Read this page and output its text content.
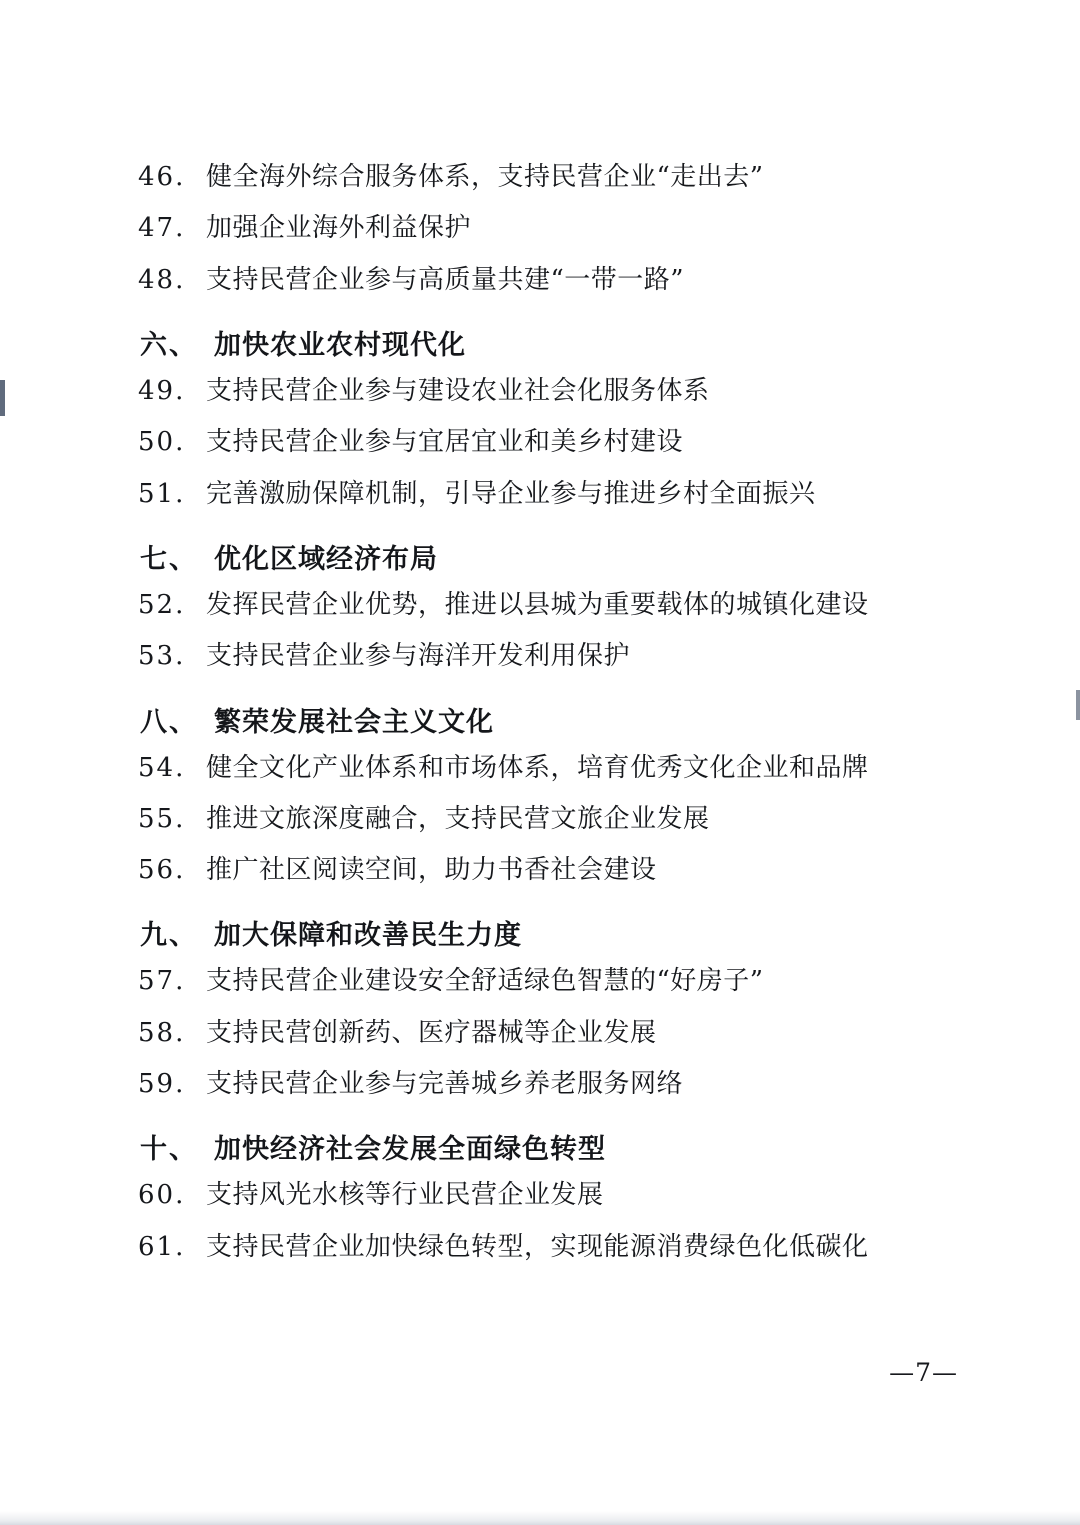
46. 健全海外综合服务体系，支持民营企业“走出去”
47. 加强企业海外利益保护
48. 支持民营企业参与高质量共建“一带一路”
六、 加快农业农村现代化
49. 支持民营企业参与建设农业社会化服务体系
50. 支持民营企业参与宜居宜业和美乡村建设
51. 完善激励保障机制，引导企业参与推进乡村全面振兴
七、 优化区域经济布局
52. 发挥民营企业优势，推进以县城为重要载体的城镇化建设
53. 支持民营企业参与海洋开发利用保护
八、 繁荣发展社会主义文化
54. 健全文化产业体系和市场体系，培育优秀文化企业和品牌
55. 推进文旅深度融合，支持民营文旅企业发展
56. 推广社区阅读空间，助力书香社会建设
九、 加大保障和改善民生力度
57. 支持民营企业建设安全舒适绿色智慧的“好房子”
58. 支持民营创新药、医疗器械等企业发展
59. 支持民营企业参与完善城乡养老服务网络
十、 加快经济社会发展全面绿色转型
60. 支持风光水核等行业民营企业发展
61. 支持民营企业加快绿色转型，实现能源消费绿色化低碳化
—7—
